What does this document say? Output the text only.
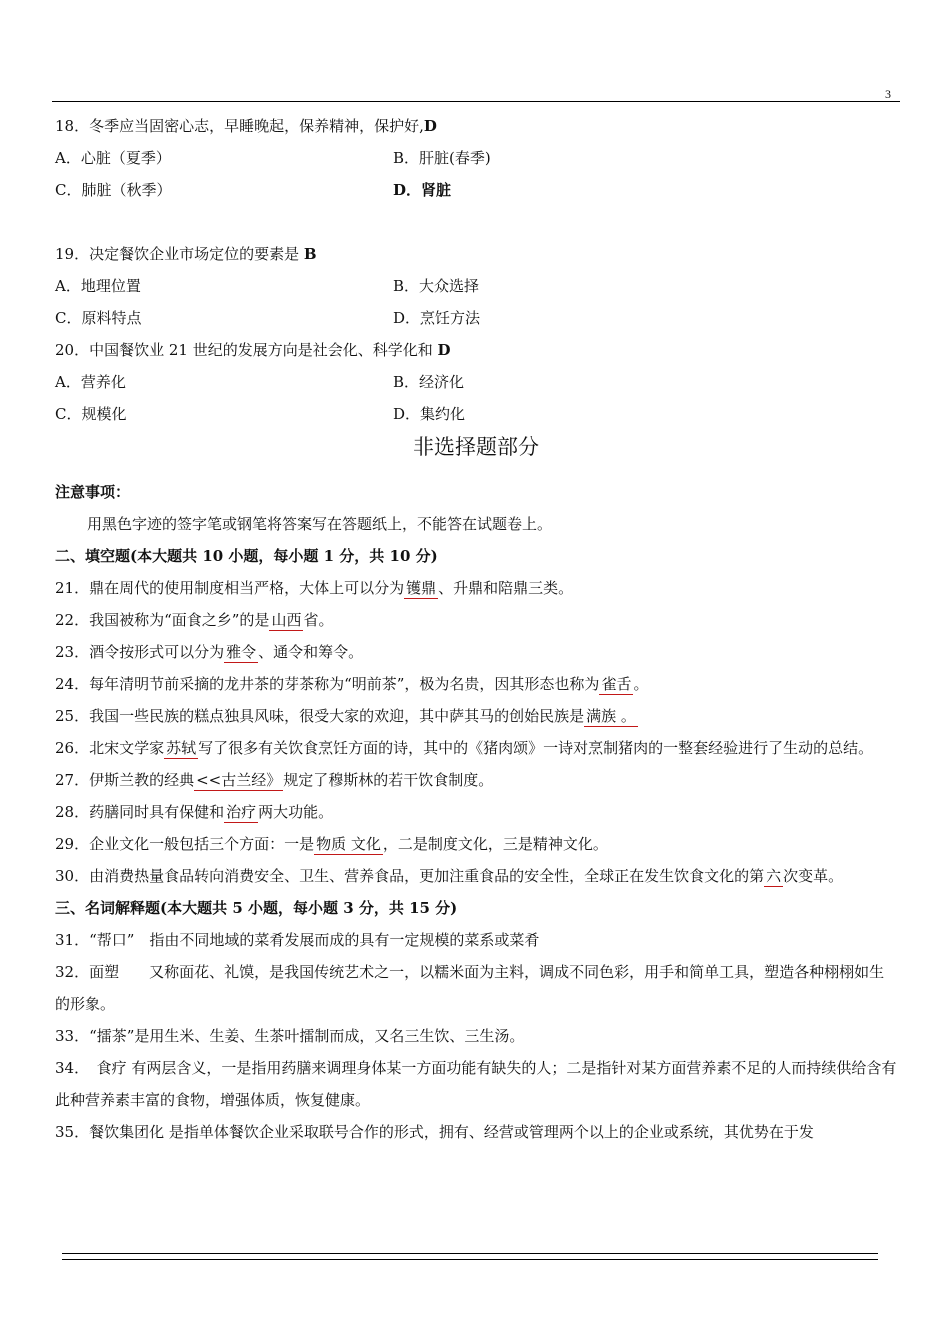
3
18．冬季应当固密心志，早睡晚起，保养精神，保护好,D
A．心脏（夏季）	B．肝脏(春季)
C．肺脏（秋季）	D．肾脏
19．决定餐饮企业市场定位的要素是 B
A．地理位置	B．大众选择
C．原料特点	D．烹饪方法
20．中国餐饮业 21 世纪的发展方向是社会化、科学化和 D
A．营养化	B．经济化
C．规模化	D．集约化
非选择题部分
注意事项：
用黑色字迹的签字笔或钢笔将答案写在答题纸上，不能答在试题卷上。
二、填空题(本大题共 10 小题，每小题 1 分，共 10 分)
21．鼎在周代的使用制度相当严格，大体上可以分为 镬鼎 、升鼎和陪鼎三类。
22．我国被称为“面食之乡”的是 山西 省。
23．酒令按形式可以分为 雅令 、通令和筹令。
24．每年清明节前采摘的龙井茶的芽茶称为“明前茶”，极为名贵，因其形态也称为 雀舌 。
25．我国一些民族的糕点独具风味，很受大家的欢迎，其中萨其马的创始民族是 满族 。
26．北宋文学家 苏轼 写了很多有关饮食烹饪方面的诗，其中的《猪肉颂》一诗对烹制猪肉的一整套经验进行了生动的总结。
27．伊斯兰教的经典 <<古兰经》 规定了穆斯林的若干饮食制度。
28．药膳同时具有保健和 治疗 两大功能。
29．企业文化一般包括三个方面：一是 物质 文化 ，二是制度文化，三是精神文化。
30．由消费热量食品转向消费安全、卫生、营养食品，更加注重食品的安全性，全球正在发生饮食文化的第 六 次变革。
三、名词解释题(本大题共 5 小题，每小题 3 分，共 15 分)
31．“帮口”　指由不同地域的菜肴发展而成的具有一定规模的菜系或菜肴
32．面塑　　又称面花、礼馍，是我国传统艺术之一，以糯米面为主料，调成不同色彩，用手和简单工具，塑造各种栩栩如生的形象。
33．“擂茶”是用生米、生姜、生茶叶擂制而成，又名三生饮、三生汤。
34．　食疗 有两层含义，一是指用药膳来调理身体某一方面功能有缺失的人；二是指针对某方面营养素不足的人而持续供给含有此种营养素丰富的食物，增强体质，恢复健康。
35．餐饮集团化 是指单体餐饮企业采取联号合作的形式，拥有、经营或管理两个以上的企业或系统，其优势在于发
